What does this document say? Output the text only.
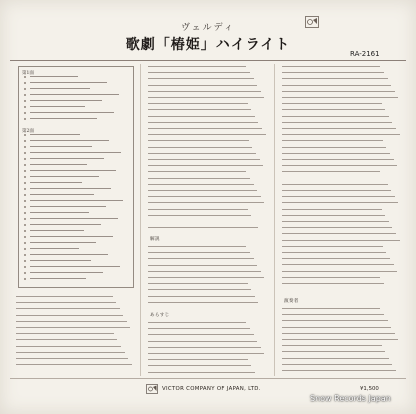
ヴェルディ
歌劇「椿姫」ハイライト
RA-2161
第1面
第2面
解説
あらすじ
演奏者
VICTOR COMPANY OF JAPAN, LTD.	¥1,500
Snow Records Japan
